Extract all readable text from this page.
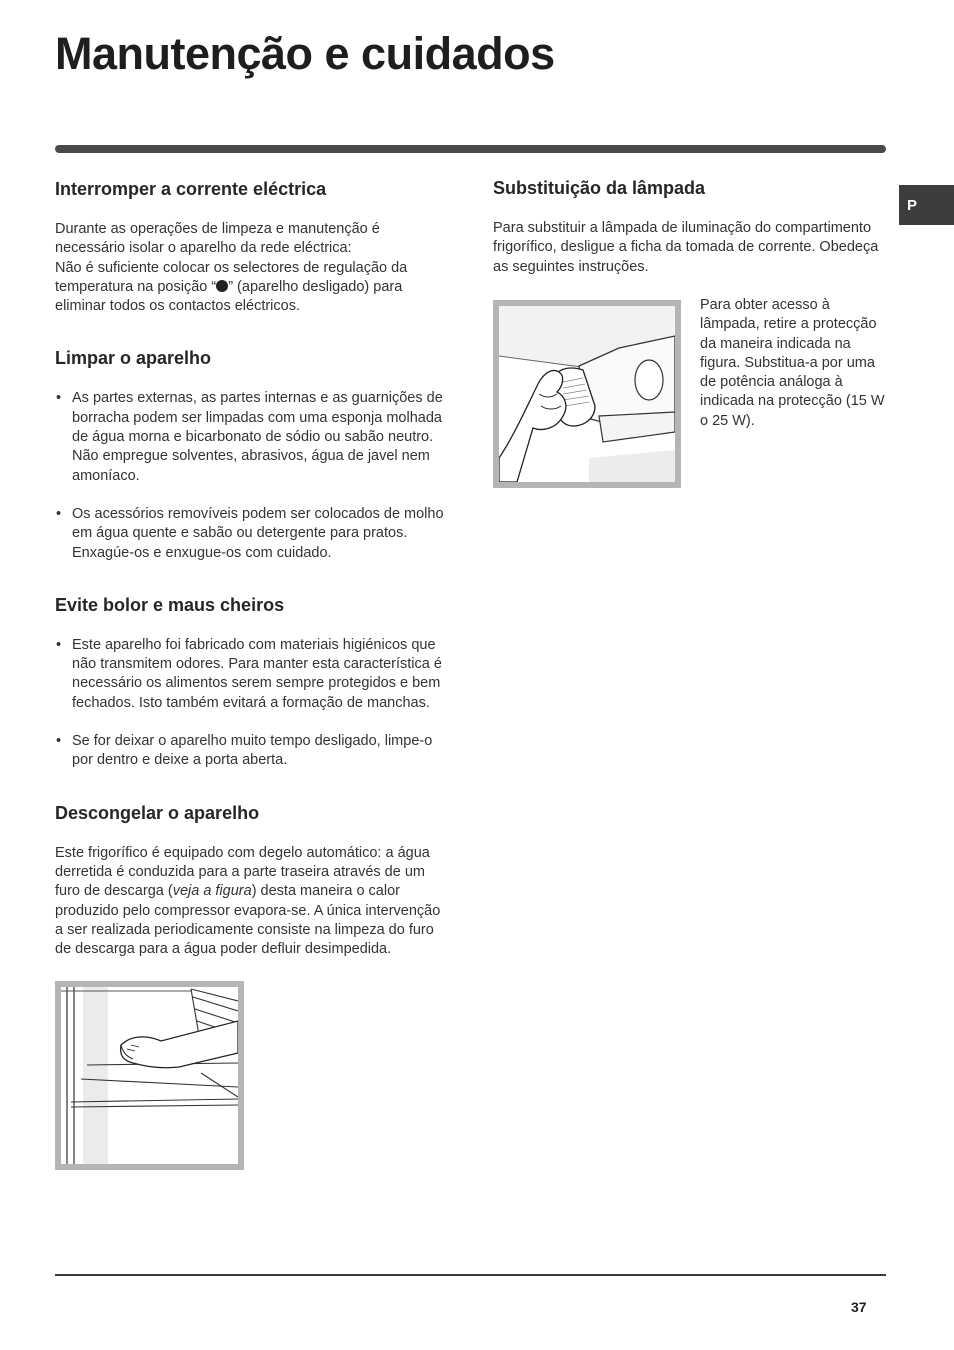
Manutenção e cuidados
P
Interromper a corrente eléctrica

Durante as operações de limpeza e manutenção é necessário isolar o aparelho da rede eléctrica:
Não é suficiente colocar os selectores de regulação da temperatura na posição “ ” (aparelho desligado) para eliminar todos os contactos eléctricos.

Limpar o aparelho
• As partes externas, as partes internas e as guarnições de borracha podem ser limpadas com uma esponja molhada de água morna e bicarbonato de sódio ou sabão neutro. Não empregue solventes, abrasivos, água de javel nem amoníaco.
• Os acessórios removíveis podem ser colocados de molho em água quente e sabão ou detergente para pratos. Enxagúe-os e enxugue-os com cuidado.
Evite bolor e maus cheiros
• Este aparelho foi fabricado com materiais higiénicos que não transmitem odores. Para manter esta característica é necessário os alimentos serem sempre protegidos e bem fechados. Isto também evitará a formação de manchas.
• Se for deixar o aparelho muito tempo desligado, limpe-o por dentro e deixe a porta aberta.
Descongelar o aparelho

Este frigorífico é equipado com degelo automático: a água derretida é conduzida para a parte traseira através de um furo de descarga (veja a figura) desta maneira o calor produzido pelo compressor evapora-se. A única intervenção a ser realizada periodicamente consiste na limpeza do furo de descarga para a água poder defluir desimpedida.

Substituição da lâmpada

Para substituir a lâmpada de iluminação do compartimento frigorífico, desligue a ficha da tomada de corrente. Obedeça as seguintes instruções.

Para obter acesso à lâmpada, retire a protecção da maneira indicada na figura. Substitua-a por uma de potência análoga à indicada na protecção (15 W o 25 W).

37
